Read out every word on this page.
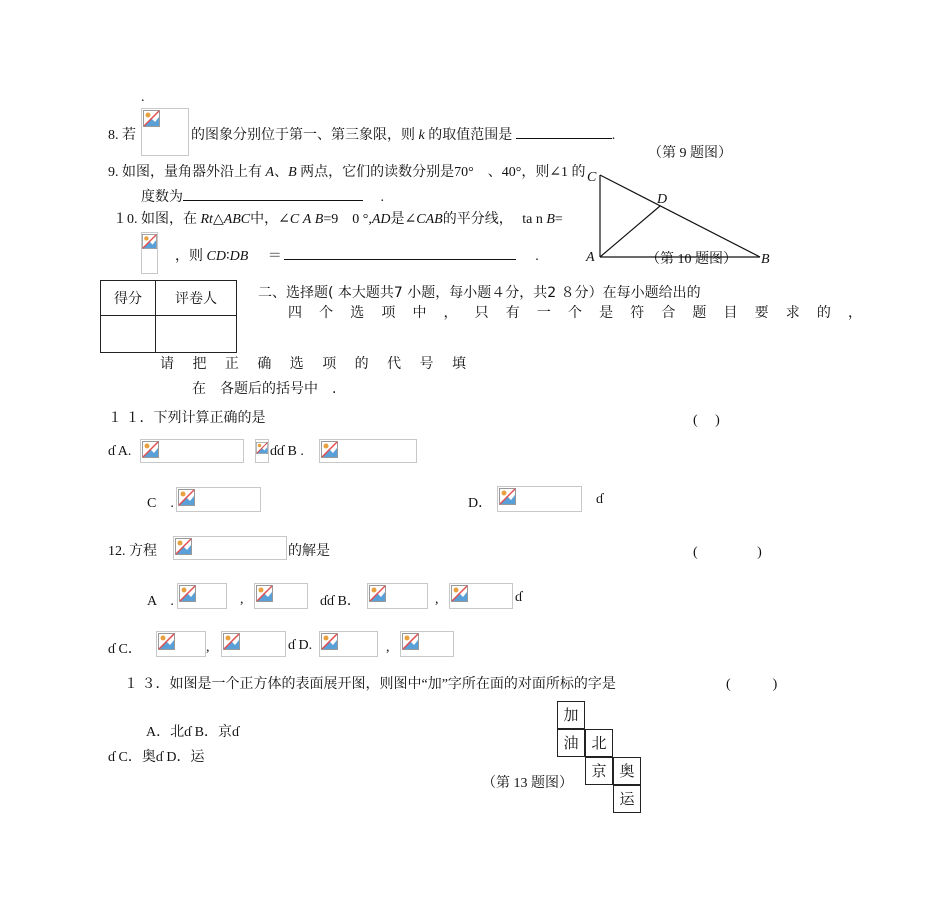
.
8. 若	的图象分别位于第一、第三象限，则 k 的取值范围是	.
（第 9 题图）
9. 如图，量角器外沿上有 A、B 两点，它们的读数分别是70°　、40°，则∠1 的
度数为	.
１0. 如图，在 Rt△ABC中，∠C A B=9　0 °,AD是∠CAB的平分线， ta n B=
，则 CD∶DB ＝	.
C
D
A	B
（第 10 题图）
得分	评卷人
		二、选择题( 本大题共7 小题，每小题４分，共2 ８分）在每小题给出的
四 个 选 项 中 ， 只 有 一 个 是 符 合 题 目 要 求 的 ，
请 把 正 确 选 项 的 代 号 填
在　各题后的括号中　.
１ １．下列计算正确的是	(　 )
ɗ A.	ɗɗ B .
C　.	D．	ɗ
12. 方程	的解是	(　　　　 )
A　.	,	ɗɗ B．	,	ɗ
ɗ C．	,	ɗ D.	,
１ ３．如图是一个正方体的表面展开图，则图中“加”字所在面的对面所标的字是	(　　　)
A．北ɗ B．京ɗ
ɗ C．奥ɗ D．运
加
油 北
京 奥
运
（第 13 题图）
